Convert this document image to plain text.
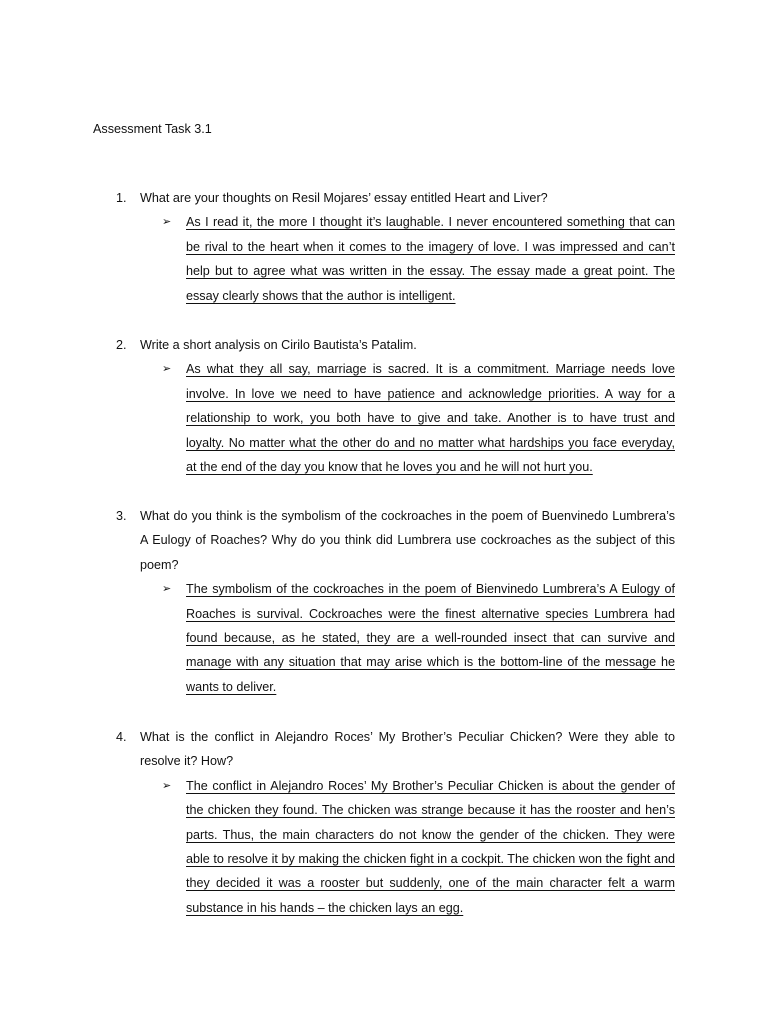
Assessment Task 3.1
1. What are your thoughts on Resil Mojares’ essay entitled Heart and Liver?
➢ As I read it, the more I thought it’s laughable. I never encountered something that can be rival to the heart when it comes to the imagery of love. I was impressed and can’t help but to agree what was written in the essay. The essay made a great point. The essay clearly shows that the author is intelligent.
2. Write a short analysis on Cirilo Bautista’s Patalim.
➢ As what they all say, marriage is sacred. It is a commitment. Marriage needs love involve. In love we need to have patience and acknowledge priorities. A way for a relationship to work, you both have to give and take. Another is to have trust and loyalty. No matter what the other do and no matter what hardships you face everyday, at the end of the day you know that he loves you and he will not hurt you.
3. What do you think is the symbolism of the cockroaches in the poem of Buenvinedo Lumbrera’s A Eulogy of Roaches? Why do you think did Lumbrera use cockroaches as the subject of this poem?
➢ The symbolism of the cockroaches in the poem of Bienvinedo Lumbrera’s A Eulogy of Roaches is survival. Cockroaches were the finest alternative species Lumbrera had found because, as he stated, they are a well-rounded insect that can survive and manage with any situation that may arise which is the bottom-line of the message he wants to deliver.
4. What is the conflict in Alejandro Roces’ My Brother’s Peculiar Chicken? Were they able to resolve it? How?
➢ The conflict in Alejandro Roces’ My Brother’s Peculiar Chicken is about the gender of the chicken they found. The chicken was strange because it has the rooster and hen’s parts. Thus, the main characters do not know the gender of the chicken. They were able to resolve it by making the chicken fight in a cockpit. The chicken won the fight and they decided it was a rooster but suddenly, one of the main character felt a warm substance in his hands – the chicken lays an egg.
